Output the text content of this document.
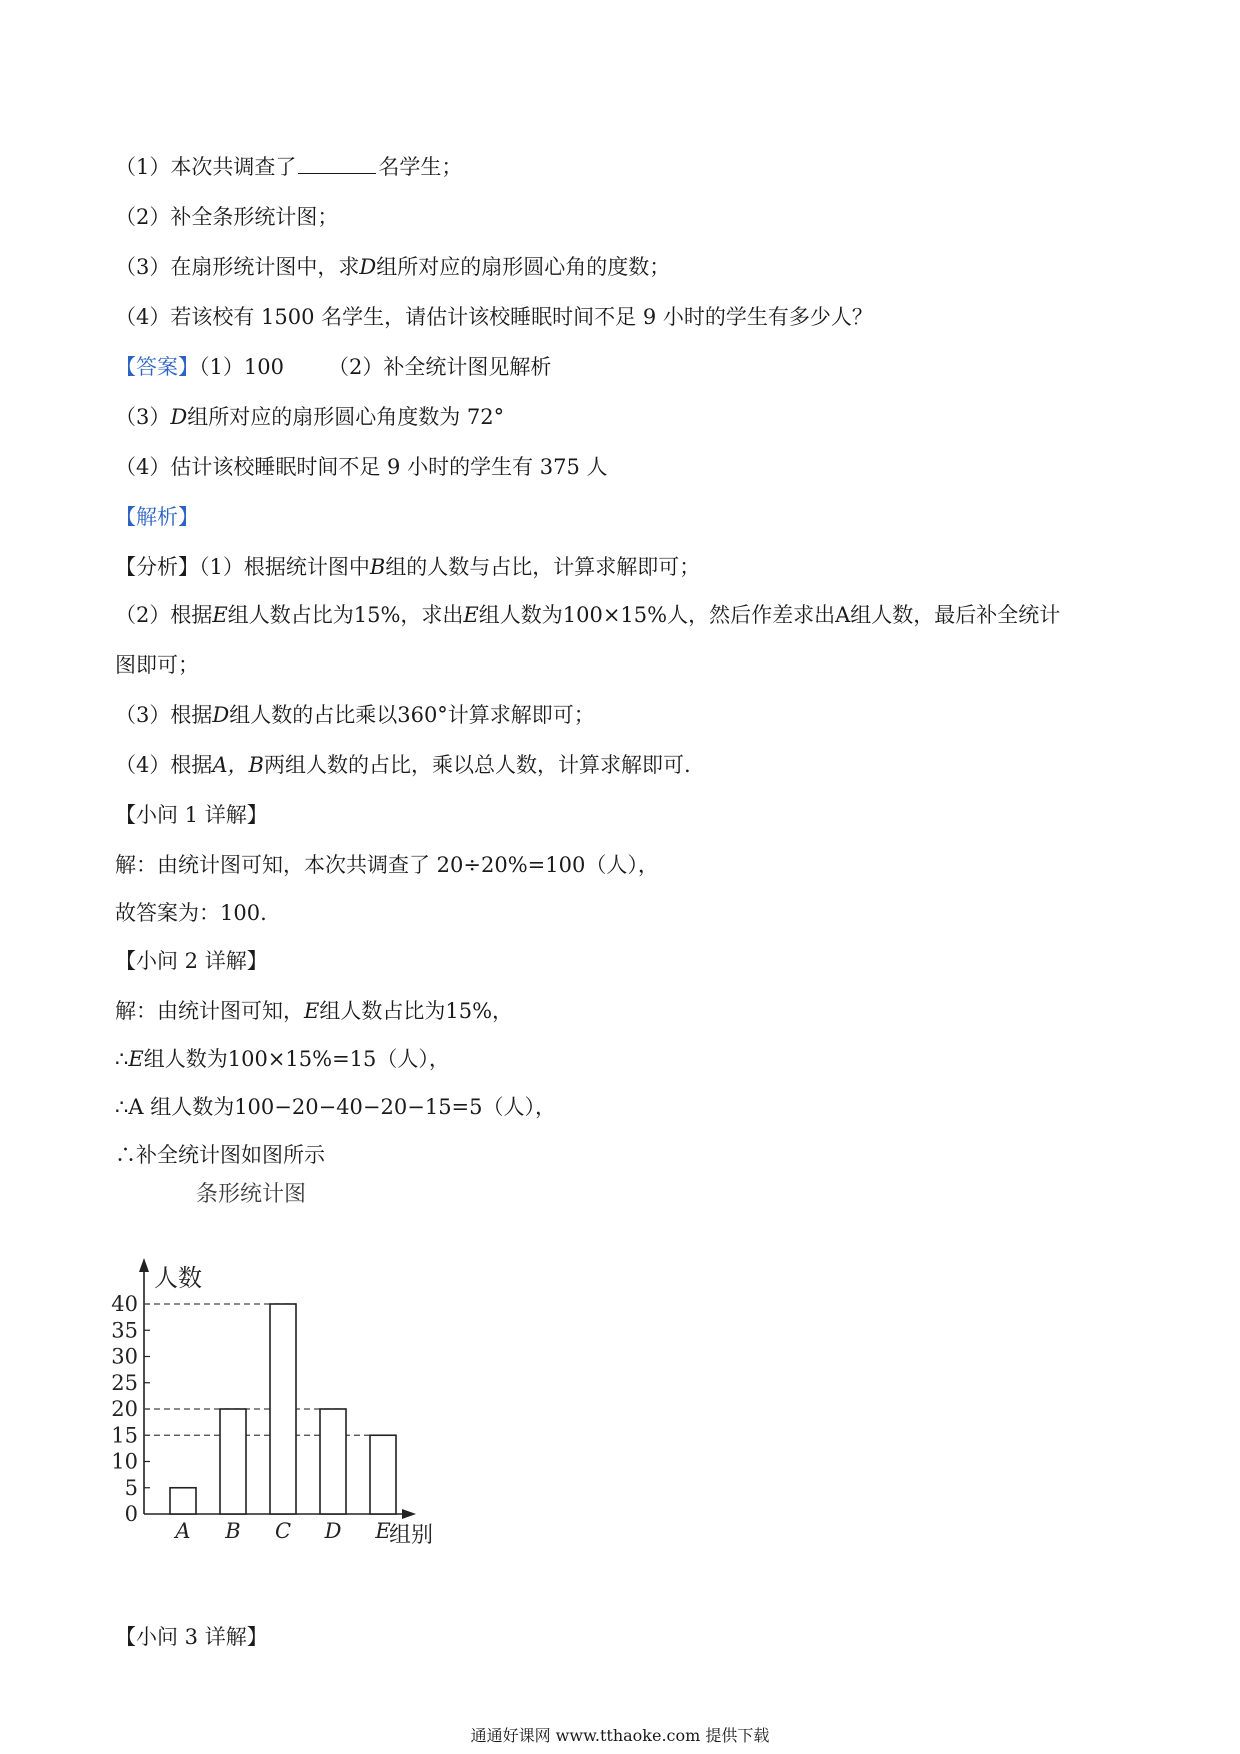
（1）本次共调查了	名学生；
（2）补全条形统计图；
（3）在扇形统计图中，求D组所对应的扇形圆心角的度数；
（4）若该校有 1500 名学生，请估计该校睡眠时间不足 9 小时的学生有多少人？
【答案】（1）100 （2）补全统计图见解析
（3）D组所对应的扇形圆心角度数为 72°
（4）估计该校睡眠时间不足 9 小时的学生有 375 人
【解析】
【分析】（1）根据统计图中B组的人数与占比，计算求解即可；
（2）根据E组人数占比为15%，求出E组人数为100×15%人，然后作差求出A组人数，最后补全统计
图即可；
（3）根据D组人数的占比乘以360°计算求解即可；
（4）根据A，B两组人数的占比，乘以总人数，计算求解即可.
【小问 1 详解】
解：由统计图可知，本次共调查了 20÷20%=100（人），
故答案为：100.
【小问 2 详解】
解：由统计图可知，E组人数占比为15%，
∴E组人数为100×15%=15（人），
∴A 组人数为100−20−40−20−15=5（人），
∴补全统计图如图所示
条形统计图
人数
组别
0
5
10
15
20
25
30
35
40
A B C D E
【小问 3 详解】
通通好课网 www.tthaoke.com 提供下载
